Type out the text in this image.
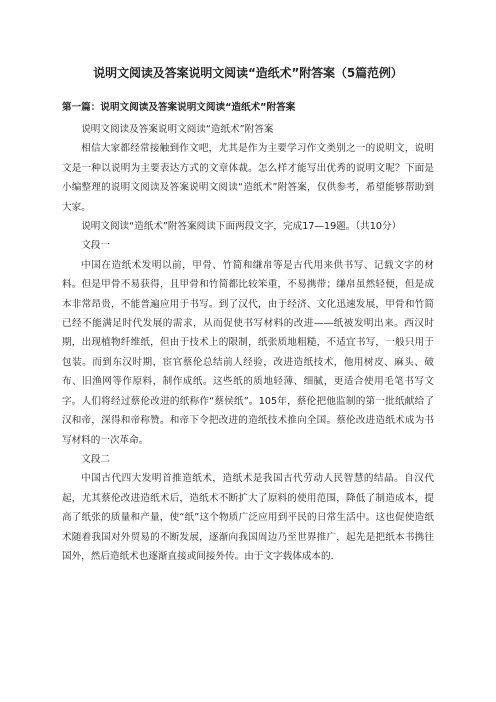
说明文阅读及答案说明文阅读“造纸术”附答案（5篇范例）
第一篇：说明文阅读及答案说明文阅读“造纸术”附答案

说明文阅读及答案说明文阅读“造纸术”附答案

相信大家都经常接触到作文吧，尤其是作为主要学习作文类别之一的说明文，说明文是一种以说明为主要表达方式的文章体裁。怎么样才能写出优秀的说明文呢？下面是小编整理的说明文阅读及答案说明文阅读“造纸术”附答案，仅供参考，希望能够帮助到大家。

说明文阅读“造纸术”附答案阅读下面两段文字，完成17—19题。（共10分）

文段一

中国在造纸术发明以前，甲骨、竹简和缣帛等是古代用来供书写、记载文字的材料。但是甲骨不易获得，且甲骨和竹简都比较笨重，不易携带；缣帛虽然轻便，但是成本非常昂贵，不能普遍应用于书写。到了汉代，由于经济、文化迅速发展，甲骨和竹简已经不能满足时代发展的需求，从而促使书写材料的改进——纸被发明出来。西汉时期，出现植物纤维纸，但由于技术上的限制，纸张质地粗糙，不适宜书写，一般只用于包装。而到东汉时期，宦官蔡伦总结前人经验，改进造纸技术，他用树皮、麻头、破布、旧渔网等作原料，制作成纸。这些纸的质地轻薄、细腻，更适合使用毛笔书写文字。人们将经过蔡伦改进的纸称作“蔡侯纸”。105年，蔡伦把他监制的第一批纸献给了汉和帝，深得和帝称赞。和帝下令把改进的造纸技术推向全国。蔡伦改进造纸术成为书写材料的一次革命。

文段二

中国古代四大发明首推造纸术，造纸术是我国古代劳动人民智慧的结晶。自汉代起，尤其蔡伦改进造纸术后，造纸术不断扩大了原料的使用范围，降低了制造成本，提高了纸张的质量和产量，使“纸”这个物质广泛应用到平民的日常生活中。这也促使造纸术随着我国对外贸易的不断发展，逐渐向我国周边乃至世界推广，起先是把纸本书携往国外，然后造纸术也逐渐直接或间接外传。由于文字载体成本的.
